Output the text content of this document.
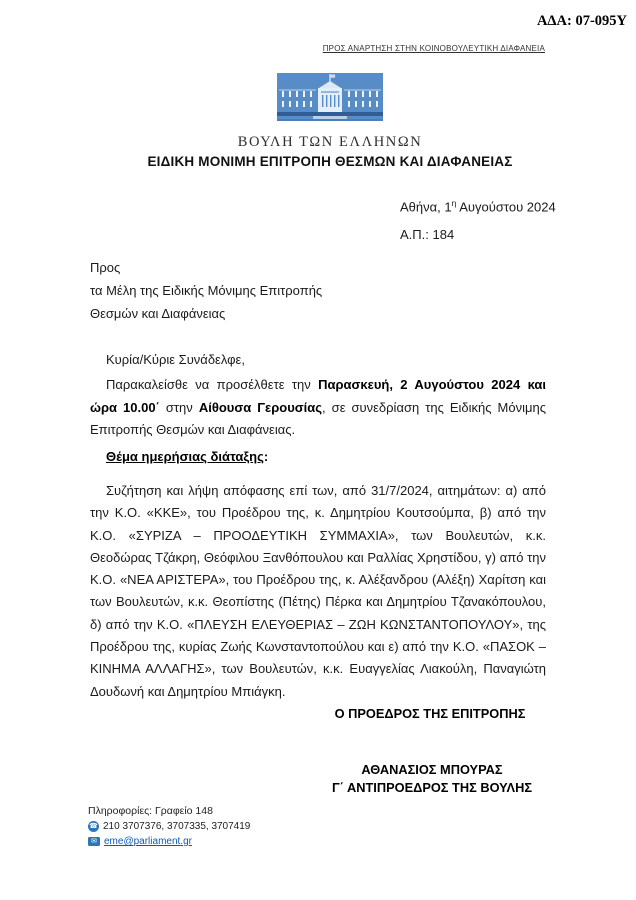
ΑΔΑ: 07-095Υ
ΠΡΟΣ ΑΝΑΡΤΗΣΗ ΣΤΗΝ ΚΟΙΝΟΒΟΥΛΕΥΤΙΚΗ ΔΙΑΦΑΝΕΙΑ
ΒΟΥΛΗ ΤΩΝ ΕΛΛΗΝΩΝ
ΕΙΔΙΚΗ ΜΟΝΙΜΗ ΕΠΙΤΡΟΠΗ ΘΕΣΜΩΝ ΚΑΙ ΔΙΑΦΑΝΕΙΑΣ
Αθήνα, $1^\eta$ Αυγούστου 2024
Α.Π.: 184
Προς
τα Μέλη της Ειδικής Μόνιμης Επιτροπής
Θεσμών και Διαφάνειας
Κυρία/Κύριε Συνάδελφε,
Παρακαλείσθε να προσέλθετε την Παρασκευή, 2 Αυγούστου 2024 και ώρα 10.00΄ στην Αίθουσα Γερουσίας, σε συνεδρίαση της Ειδικής Μόνιμης Επιτροπής Θεσμών και Διαφάνειας.
Θέμα ημερήσιας διάταξης:
Συζήτηση και λήψη απόφασης επί των, από 31/7/2024, αιτημάτων: α) από την Κ.Ο. «ΚΚΕ», του Προέδρου της, κ. Δημητρίου Κουτσούμπα, β) από την Κ.Ο. «ΣΥΡΙΖΑ – ΠΡΟΟΔΕΥΤΙΚΗ ΣΥΜΜΑΧΙΑ», των Βουλευτών, κ.κ. Θεοδώρας Τζάκρη, Θεόφιλου Ξανθόπουλου και Ραλλίας Χρηστίδου, γ) από την Κ.Ο. «ΝΕΑ ΑΡΙΣΤΕΡΑ», του Προέδρου της, κ. Αλέξανδρου (Αλέξη) Χαρίτση και των Βουλευτών, κ.κ. Θεοπίστης (Πέτης) Πέρκα και Δημητρίου Τζανακόπουλου, δ) από την Κ.Ο. «ΠΛΕΥΣΗ ΕΛΕΥΘΕΡΙΑΣ – ΖΩΗ ΚΩΝΣΤΑΝΤΟΠΟΥΛΟΥ», της Προέδρου της, κυρίας Ζωής Κωνσταντοπούλου και ε) από την Κ.Ο. «ΠΑΣΟΚ – ΚΙΝΗΜΑ ΑΛΛΑΓΗΣ», των Βουλευτών, κ.κ. Ευαγγελίας Λιακούλη, Παναγιώτη Δουδωνή και Δημητρίου Μπιάγκη.
Ο ΠΡΟΕΔΡΟΣ ΤΗΣ ΕΠΙΤΡΟΠΗΣ
ΑΘΑΝΑΣΙΟΣ ΜΠΟΥΡΑΣ
Γ΄ ΑΝΤΙΠΡΟΕΔΡΟΣ ΤΗΣ ΒΟΥΛΗΣ
Πληροφορίες: Γραφείο 148
☎ 210 3707376, 3707335, 3707419
✉ eme@parliament.gr
